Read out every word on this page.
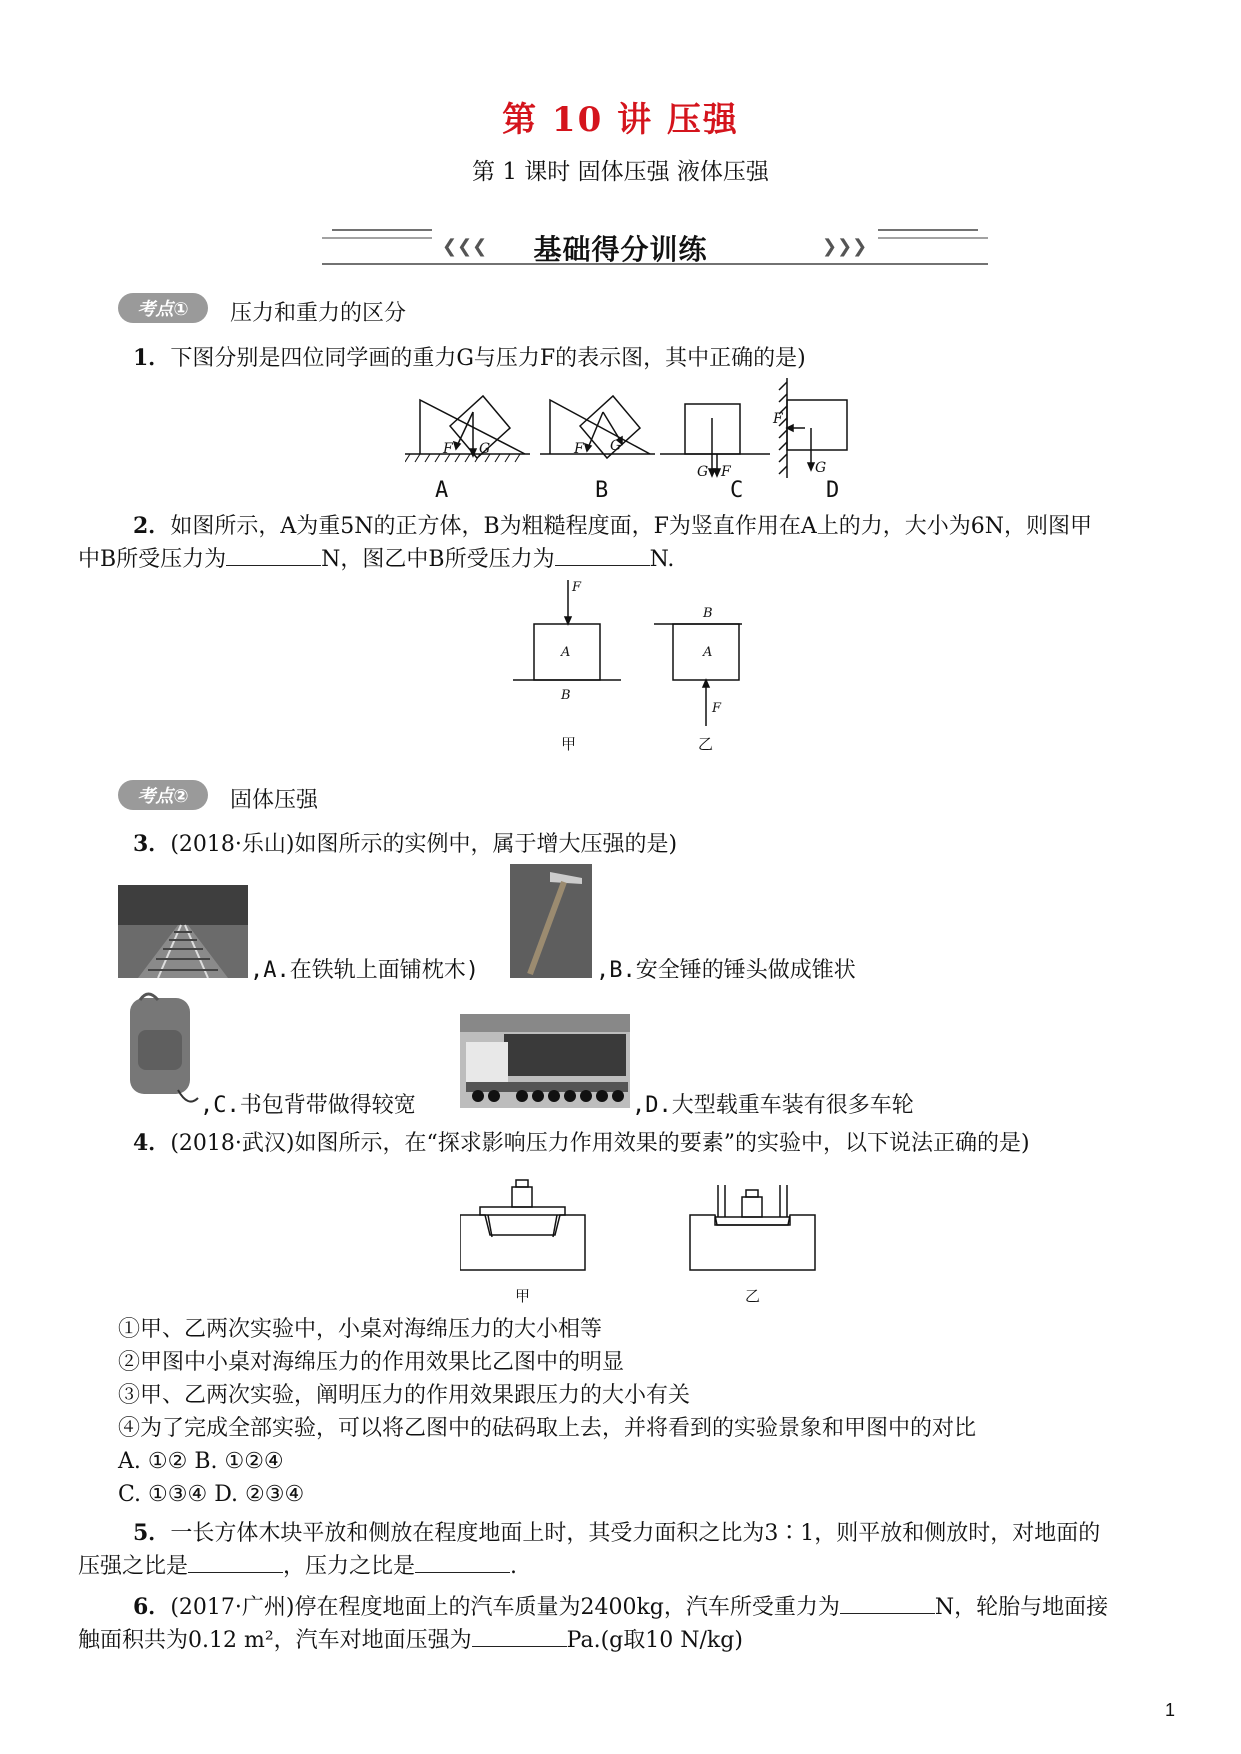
第 10 讲 压强
第 1 课时 固体压强 液体压强
❮❮❮	❯❯❯
基础得分训练
考点①	压力和重力的区分
1．下图分别是四位同学画的重力G与压力F的表示图，其中正确的是)
F G	F G
G F
F
G
A	B	C	D
2．如图所示，A为重5N的正方体，B为粗糙程度面，F为竖直作用在A上的力，大小为6N，则图甲
中B所受压力为	N，图乙中B所受压力为	N.
F
A
B
B
A
F
甲	乙
考点②	固体压强
3．(2018·乐山)如图所示的实例中，属于增大压强的是)
,A.在铁轨上面铺枕木)	,B.安全锤的锤头做成锥状
,C.书包背带做得较宽	,D.大型载重车装有很多车轮
4．(2018·武汉)如图所示，在“探求影响压力作用效果的要素”的实验中，以下说法正确的是)
甲	乙
①甲、乙两次实验中，小桌对海绵压力的大小相等
②甲图中小桌对海绵压力的作用效果比乙图中的明显
③甲、乙两次实验，阐明压力的作用效果跟压力的大小有关
④为了完成全部实验，可以将乙图中的砝码取上去，并将看到的实验景象和甲图中的对比
A. ①② B. ①②④
C. ①③④ D. ②③④
5．一长方体木块平放和侧放在程度地面上时，其受力面积之比为3∶1，则平放和侧放时，对地面的
压强之比是	，压力之比是	.
6．(2017·广州)停在程度地面上的汽车质量为2400kg，汽车所受重力为	N，轮胎与地面接
触面积共为0.12 m²，汽车对地面压强为	Pa.(g取10 N/kg)
1
